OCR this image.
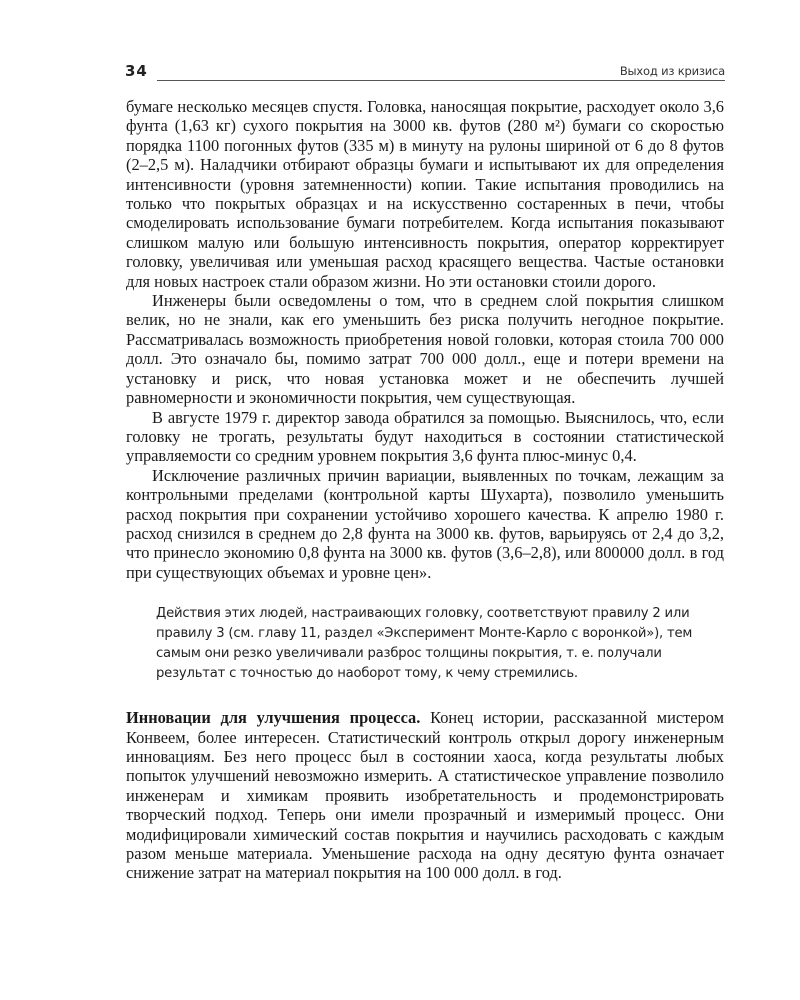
34	Выход из кризиса

бумаге несколько месяцев спустя. Головка, наносящая покрытие, расходует около 3,6 фунта (1,63 кг) сухого покрытия на 3000 кв. футов (280 м²) бумаги со скоростью порядка 1100 погонных футов (335 м) в минуту на рулоны шириной от 6 до 8 футов (2–2,5 м). Наладчики отбирают образцы бумаги и испытывают их для определения интенсивности (уровня затемненности) копии. Такие испытания проводились на только что покрытых образцах и на искусственно состаренных в печи, чтобы смоделировать использование бумаги потребителем. Когда испытания показывают слишком малую или большую интенсивность покрытия, оператор корректирует головку, увеличивая или уменьшая расход красящего вещества. Частые остановки для новых настроек стали образом жизни. Но эти остановки стоили дорого.

Инженеры были осведомлены о том, что в среднем слой покрытия слишком велик, но не знали, как его уменьшить без риска получить негодное покрытие. Рассматривалась возможность приобретения новой головки, которая стоила 700 000 долл. Это означало бы, помимо затрат 700 000 долл., еще и потери времени на установку и риск, что новая установка может и не обеспечить лучшей равномерности и экономичности покрытия, чем существующая.

В августе 1979 г. директор завода обратился за помощью. Выяснилось, что, если головку не трогать, результаты будут находиться в состоянии статистической управляемости со средним уровнем покрытия 3,6 фунта плюс-минус 0,4.

Исключение различных причин вариации, выявленных по точкам, лежащим за контрольными пределами (контрольной карты Шухарта), позволило уменьшить расход покрытия при сохранении устойчиво хорошего качества. К апрелю 1980 г. расход снизился в среднем до 2,8 фунта на 3000 кв. футов, варьируясь от 2,4 до 3,2, что принесло экономию 0,8 фунта на 3000 кв. футов (3,6–2,8), или 800000 долл. в год при существующих объемах и уровне цен».

Действия этих людей, настраивающих головку, соответствуют правилу 2 или правилу 3 (см. главу 11, раздел «Эксперимент Монте-Карло с воронкой»), тем самым они резко увеличивали разброс толщины покрытия, т. е. получали результат с точностью до наоборот тому, к чему стремились.

Инновации для улучшения процесса. Конец истории, рассказанной мистером Конвеем, более интересен. Статистический контроль открыл дорогу инженерным инновациям. Без него процесс был в состоянии хаоса, когда результаты любых попыток улучшений невозможно измерить. А статистическое управление позволило инженерам и химикам проявить изобретательность и продемонстрировать творческий подход. Теперь они имели прозрачный и измеримый процесс. Они модифицировали химический состав покрытия и научились расходовать с каждым разом меньше материала. Уменьшение расхода на одну десятую фунта означает снижение затрат на материал покрытия на 100 000 долл. в год.
